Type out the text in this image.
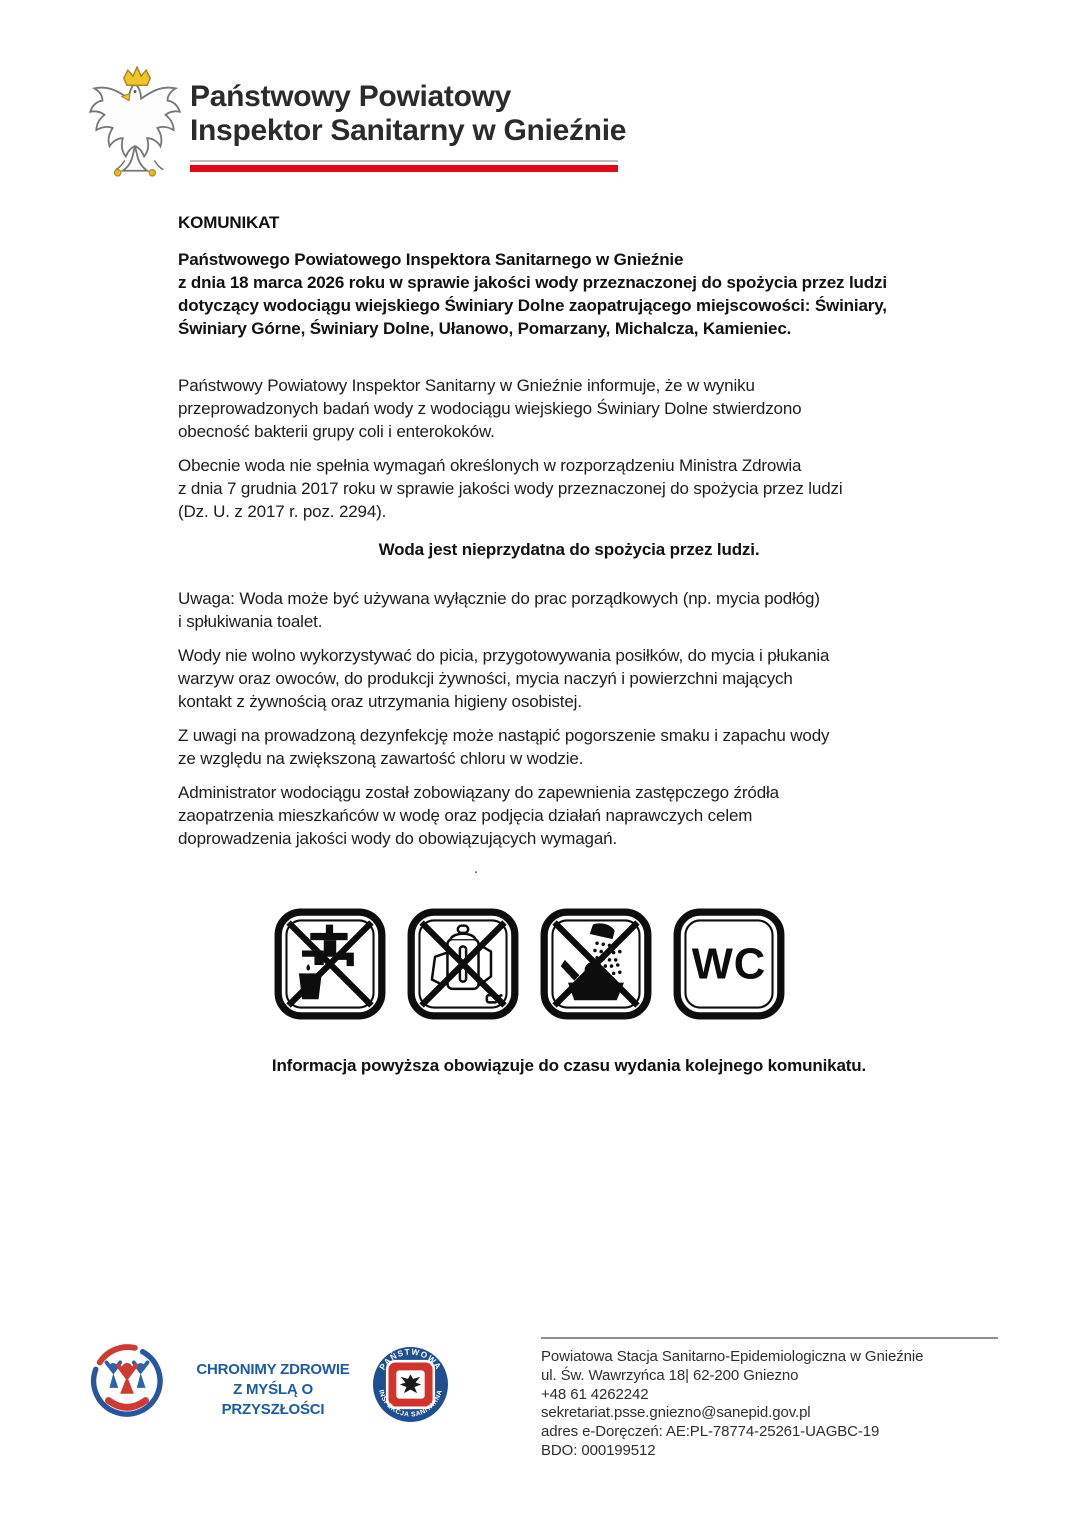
Państwowy Powiatowy
Inspektor Sanitarny w Gnieźnie
KOMUNIKAT
Państwowego Powiatowego Inspektora Sanitarnego w Gnieźnie
z dnia 18 marca 2026 roku w sprawie jakości wody przeznaczonej do spożycia przez ludzi
dotyczący wodociągu wiejskiego Świniary Dolne zaopatrującego miejscowości: Świniary,
Świniary Górne, Świniary Dolne, Ułanowo, Pomarzany, Michalcza, Kamieniec.
Państwowy Powiatowy Inspektor Sanitarny w Gnieźnie informuje, że w wyniku
przeprowadzonych badań wody z wodociągu wiejskiego Świniary Dolne stwierdzono
obecność bakterii grupy coli i enterokoków.
Obecnie woda nie spełnia wymagań określonych w rozporządzeniu Ministra Zdrowia
z dnia 7 grudnia 2017 roku w sprawie jakości wody przeznaczonej do spożycia przez ludzi
(Dz. U. z 2017 r. poz. 2294).
Woda jest nieprzydatna do spożycia przez ludzi.
Uwaga: Woda może być używana wyłącznie do prac porządkowych (np. mycia podłóg)
i spłukiwania toalet.
Wody nie wolno wykorzystywać do picia, przygotowywania posiłków, do mycia i płukania
warzyw oraz owoców, do produkcji żywności, mycia naczyń i powierzchni mających
kontakt z żywnością oraz utrzymania higieny osobistej.
Z uwagi na prowadzoną dezynfekcję może nastąpić pogorszenie smaku i zapachu wody
ze względu na zwiększoną zawartość chloru w wodzie.
Administrator wodociągu został zobowiązany do zapewnienia zastępczego źródła
zaopatrzenia mieszkańców w wodę oraz podjęcia działań naprawczych celem
doprowadzenia jakości wody do obowiązujących wymagań.
.
WC
Informacja powyższa obowiązuje do czasu wydania kolejnego komunikatu.
CHRONIMY ZDROWIE
Z MYŚLĄ O PRZYSZŁOŚCI
PAŃSTWOWA
INSPEKCJA SANITARNA
Powiatowa Stacja Sanitarno-Epidemiologiczna w Gnieźnie
ul. Św. Wawrzyńca 18| 62-200 Gniezno
+48 61 4262242
sekretariat.psse.gniezno@sanepid.gov.pl
adres e-Doręczeń: AE:PL-78774-25261-UAGBC-19
BDO: 000199512
